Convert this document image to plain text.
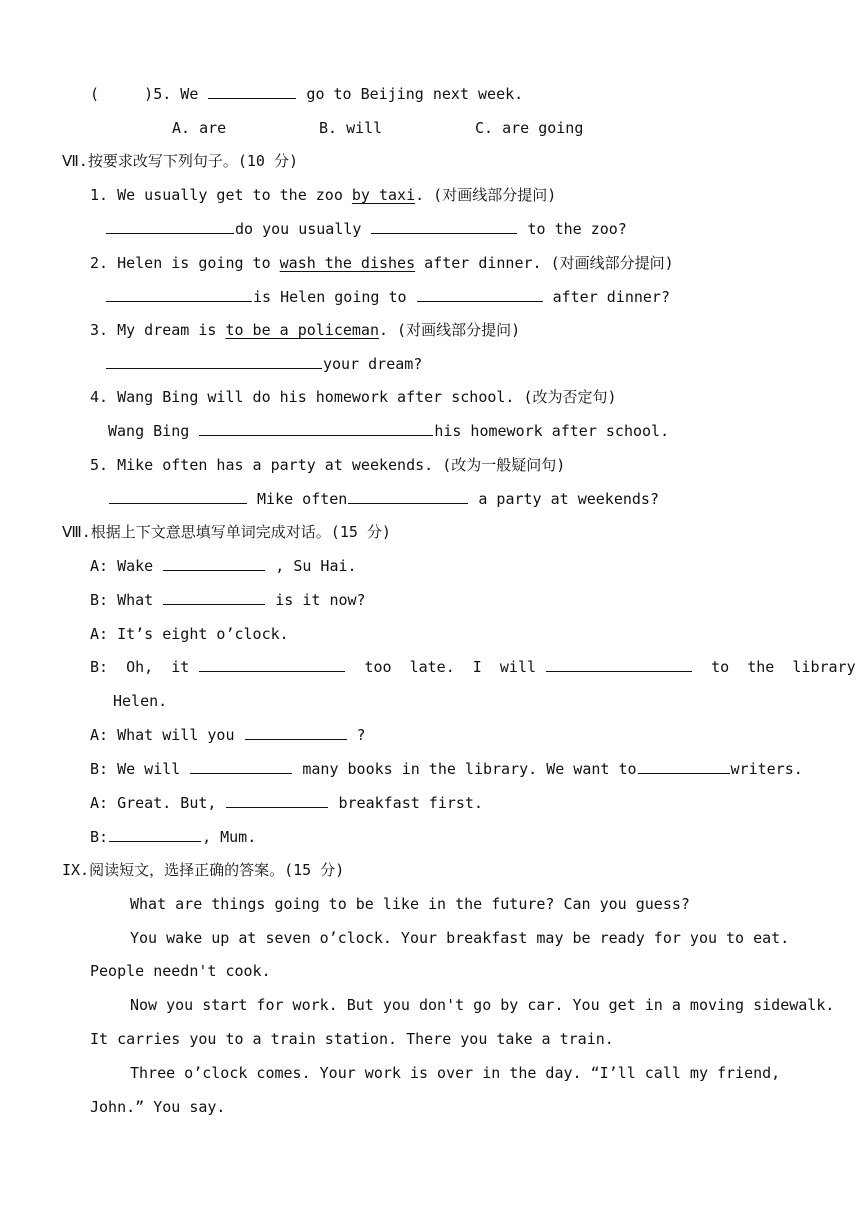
(     )5. We	go to Beijing next week.
A. are	B. will	C. are going
Ⅶ.按要求改写下列句子。(10 分)
1. We usually get to the zoo by taxi. (对画线部分提问)
do you usually	to the zoo?
2. Helen is going to wash the dishes after dinner. (对画线部分提问)
is Helen going to	after dinner?
3. My dream is to be a policeman. (对画线部分提问)
your dream?
4. Wang Bing will do his homework after school. (改为否定句)
Wang Bing	his homework after school.
5. Mike often has a party at weekends. (改为一般疑问句)
Mike often	a party at weekends?
Ⅷ.根据上下文意思填写单词完成对话。(15 分)
A: Wake	, Su Hai.
B: What	is it now?
A: It’s eight o’clock.
B:  Oh,  it	too  late.  I  will	to  the  library
Helen.
A: What will you	?
B: We will	many books in the library. We want to	writers.
A: Great. But,	breakfast first.
B:	, Mum.
IX.阅读短文，选择正确的答案。(15 分)
What are things going to be like in the future? Can you guess?
You wake up at seven o’clock. Your breakfast may be ready for you to eat.
People needn't cook.
Now you start for work. But you don't go by car. You get in a moving sidewalk.
It carries you to a train station. There you take a train.
Three o’clock comes. Your work is over in the day. “I’ll call my friend,
John.” You say.
